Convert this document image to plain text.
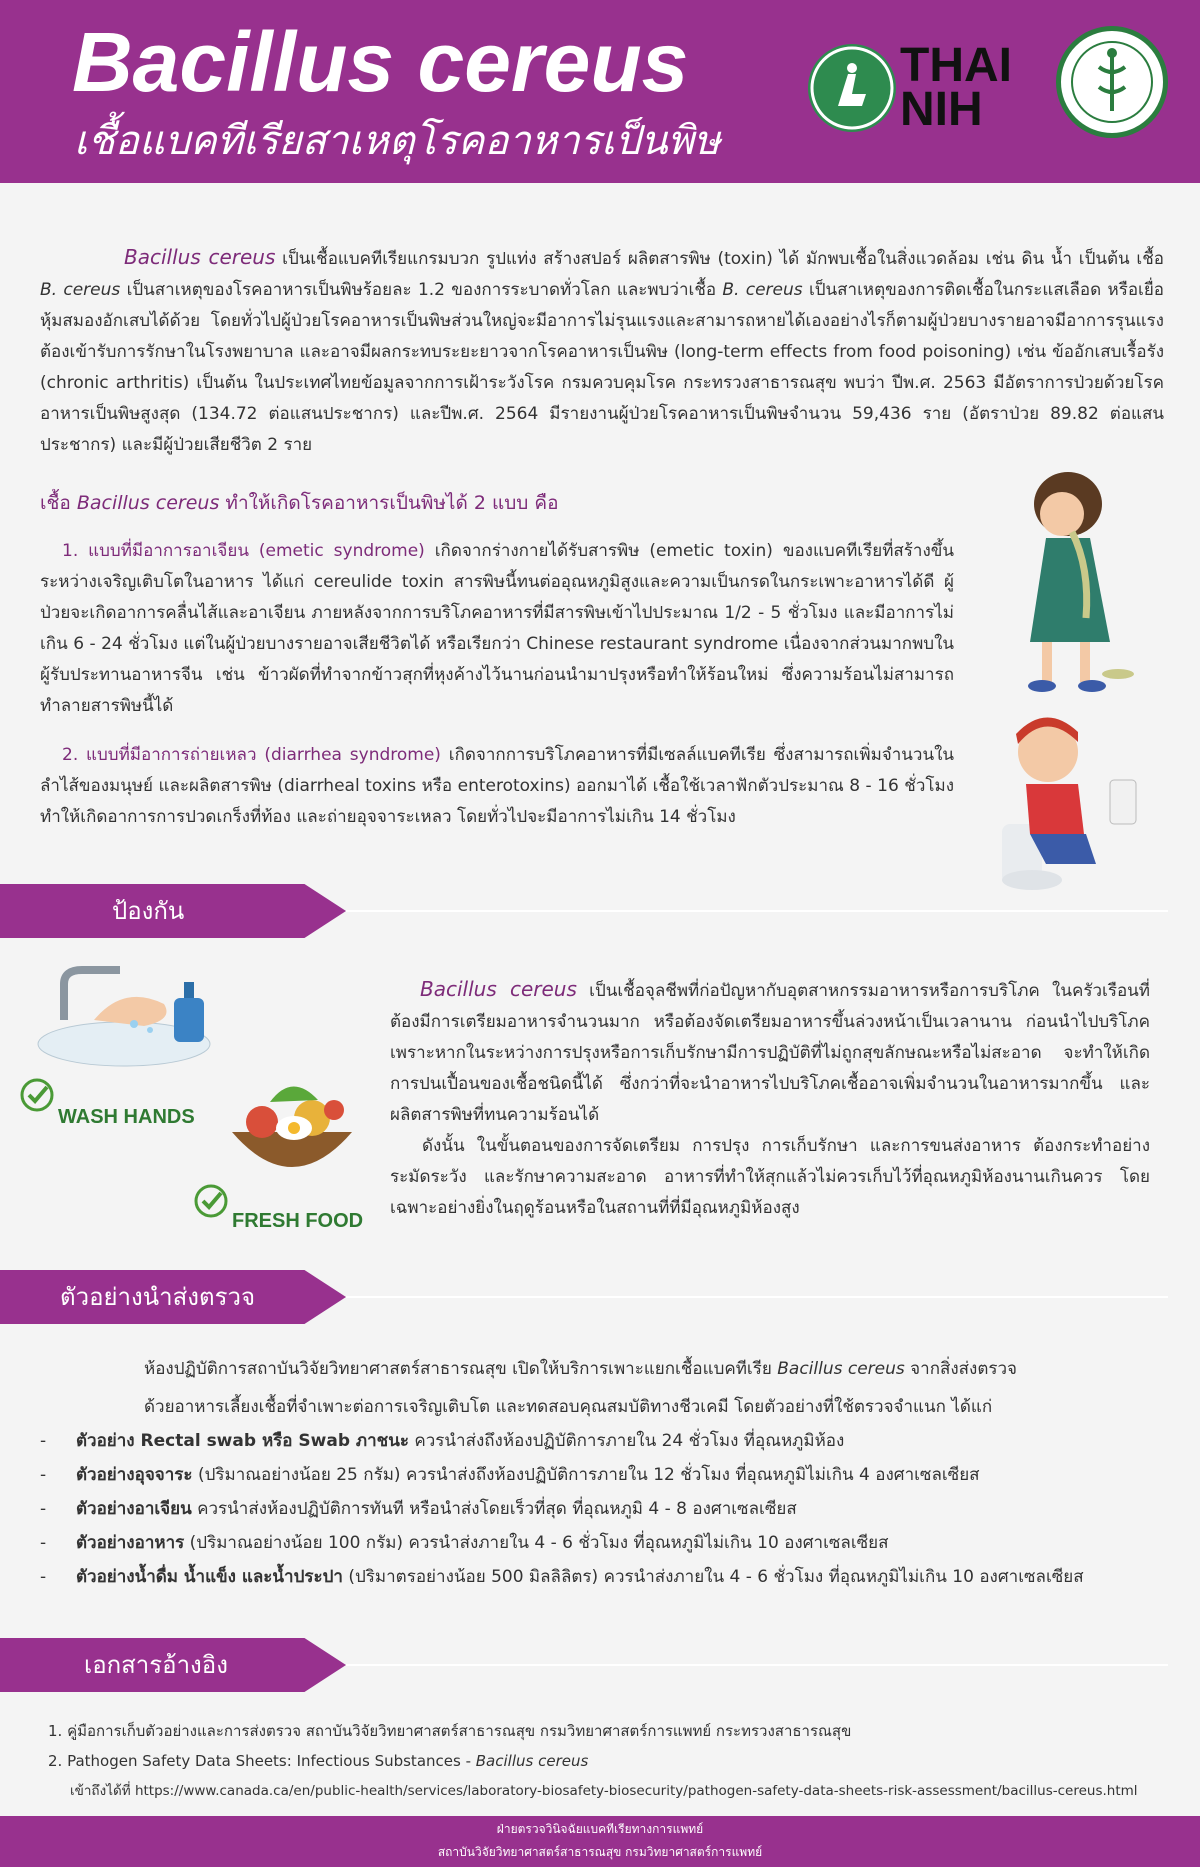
Bacillus cereus
เชื้อแบคทีเรียสาเหตุโรคอาหารเป็นพิษ
THAI
NIH

Bacillus cereus เป็นเชื้อแบคทีเรียแกรมบวก รูปแท่ง สร้างสปอร์ ผลิตสารพิษ (toxin) ได้ มักพบเชื้อในสิ่งแวดล้อม เช่น ดิน น้ำ เป็นต้น เชื้อ B. cereus เป็นสาเหตุของโรคอาหารเป็นพิษร้อยละ 1.2 ของการระบาดทั่วโลก และพบว่าเชื้อ B. cereus เป็นสาเหตุของการติดเชื้อในกระแสเลือด หรือเยื่อหุ้มสมองอักเสบได้ด้วย โดยทั่วไปผู้ป่วยโรคอาหารเป็นพิษส่วนใหญ่จะมีอาการไม่รุนแรงและสามารถหายได้เองอย่างไรก็ตามผู้ป่วยบางรายอาจมีอาการรุนแรงต้องเข้ารับการรักษาในโรงพยาบาล และอาจมีผลกระทบระยะยาวจากโรคอาหารเป็นพิษ (long-term effects from food poisoning) เช่น ข้ออักเสบเรื้อรัง (chronic arthritis) เป็นต้น ในประเทศไทยข้อมูลจากการเฝ้าระวังโรค กรมควบคุมโรค กระทรวงสาธารณสุข พบว่า ปีพ.ศ. 2563 มีอัตราการป่วยด้วยโรคอาหารเป็นพิษสูงสุด (134.72 ต่อแสนประชากร) และปีพ.ศ. 2564 มีรายงานผู้ป่วยโรคอาหารเป็นพิษจำนวน 59,436 ราย (อัตราป่วย 89.82 ต่อแสนประชากร) และมีผู้ป่วยเสียชีวิต 2 ราย

เชื้อ Bacillus cereus ทำให้เกิดโรคอาหารเป็นพิษได้ 2 แบบ คือ
1. แบบที่มีอาการอาเจียน (emetic syndrome) เกิดจากร่างกายได้รับสารพิษ (emetic toxin) ของแบคทีเรียที่สร้างขึ้นระหว่างเจริญเติบโตในอาหาร ได้แก่ cereulide toxin สารพิษนี้ทนต่ออุณหภูมิสูงและความเป็นกรดในกระเพาะอาหารได้ดี ผู้ป่วยจะเกิดอาการคลื่นไส้และอาเจียน ภายหลังจากการบริโภคอาหารที่มีสารพิษเข้าไปประมาณ 1/2 - 5 ชั่วโมง และมีอาการไม่เกิน 6 - 24 ชั่วโมง แต่ในผู้ป่วยบางรายอาจเสียชีวิตได้ หรือเรียกว่า Chinese restaurant syndrome เนื่องจากส่วนมากพบในผู้รับประทานอาหารจีน เช่น ข้าวผัดที่ทำจากข้าวสุกที่หุงค้างไว้นานก่อนนำมาปรุงหรือทำให้ร้อนใหม่ ซึ่งความร้อนไม่สามารถทำลายสารพิษนี้ได้
2. แบบที่มีอาการถ่ายเหลว (diarrhea syndrome) เกิดจากการบริโภคอาหารที่มีเซลล์แบคทีเรีย ซึ่งสามารถเพิ่มจำนวนในลำไส้ของมนุษย์ และผลิตสารพิษ (diarrheal toxins หรือ enterotoxins) ออกมาได้ เชื้อใช้เวลาฟักตัวประมาณ 8 - 16 ชั่วโมง ทำให้เกิดอาการการปวดเกร็งที่ท้อง และถ่ายอุจจาระเหลว โดยทั่วไปจะมีอาการไม่เกิน 14 ชั่วโมง
ป้องกัน
WASH HANDS
FRESH FOOD

Bacillus cereus เป็นเชื้อจุลชีพที่ก่อปัญหากับอุตสาหกรรมอาหารหรือการบริโภค ในครัวเรือนที่ต้องมีการเตรียมอาหารจำนวนมาก หรือต้องจัดเตรียมอาหารขึ้นล่วงหน้าเป็นเวลานาน ก่อนนำไปบริโภค เพราะหากในระหว่างการปรุงหรือการเก็บรักษามีการปฏิบัติที่ไม่ถูกสุขลักษณะหรือไม่สะอาด จะทำให้เกิดการปนเปื้อนของเชื้อชนิดนี้ได้ ซึ่งกว่าที่จะนำอาหารไปบริโภคเชื้ออาจเพิ่มจำนวนในอาหารมากขึ้น และผลิตสารพิษที่ทนความร้อนได้

ดังนั้น ในขั้นตอนของการจัดเตรียม การปรุง การเก็บรักษา และการขนส่งอาหาร ต้องกระทำอย่างระมัดระวัง และรักษาความสะอาด อาหารที่ทำให้สุกแล้วไม่ควรเก็บไว้ที่อุณหภูมิห้องนานเกินควร โดยเฉพาะอย่างยิ่งในฤดูร้อนหรือในสถานที่ที่มีอุณหภูมิห้องสูง

ตัวอย่างนำส่งตรวจ
ห้องปฏิบัติการสถาบันวิจัยวิทยาศาสตร์สาธารณสุข เปิดให้บริการเพาะแยกเชื้อแบคทีเรีย Bacillus cereus จากสิ่งส่งตรวจ
ด้วยอาหารเลี้ยงเชื้อที่จำเพาะต่อการเจริญเติบโต และทดสอบคุณสมบัติทางชีวเคมี โดยตัวอย่างที่ใช้ตรวจจำแนก ได้แก่
- ตัวอย่าง Rectal swab หรือ Swab ภาชนะ ควรนำส่งถึงห้องปฏิบัติการภายใน 24 ชั่วโมง ที่อุณหภูมิห้อง
- ตัวอย่างอุจจาระ (ปริมาณอย่างน้อย 25 กรัม) ควรนำส่งถึงห้องปฏิบัติการภายใน 12 ชั่วโมง ที่อุณหภูมิไม่เกิน 4 องศาเซลเซียส
- ตัวอย่างอาเจียน ควรนำส่งห้องปฏิบัติการทันที หรือนำส่งโดยเร็วที่สุด ที่อุณหภูมิ 4 - 8 องศาเซลเซียส
- ตัวอย่างอาหาร (ปริมาณอย่างน้อย 100 กรัม) ควรนำส่งภายใน 4 - 6 ชั่วโมง ที่อุณหภูมิไม่เกิน 10 องศาเซลเซียส
- ตัวอย่างน้ำดื่ม น้ำแข็ง และน้ำประปา (ปริมาตรอย่างน้อย 500 มิลลิลิตร) ควรนำส่งภายใน 4 - 6 ชั่วโมง ที่อุณหภูมิไม่เกิน 10 องศาเซลเซียส
เอกสารอ้างอิง
1. คู่มือการเก็บตัวอย่างและการส่งตรวจ สถาบันวิจัยวิทยาศาสตร์สาธารณสุข กรมวิทยาศาสตร์การแพทย์ กระทรวงสาธารณสุข
2. Pathogen Safety Data Sheets: Infectious Substances - Bacillus cereus
เข้าถึงได้ที่ https://www.canada.ca/en/public-health/services/laboratory-biosafety-biosecurity/pathogen-safety-data-sheets-risk-assessment/bacillus-cereus.html
ฝ่ายตรวจวินิจฉัยแบคทีเรียทางการแพทย์
สถาบันวิจัยวิทยาศาสตร์สาธารณสุข กรมวิทยาศาสตร์การแพทย์
